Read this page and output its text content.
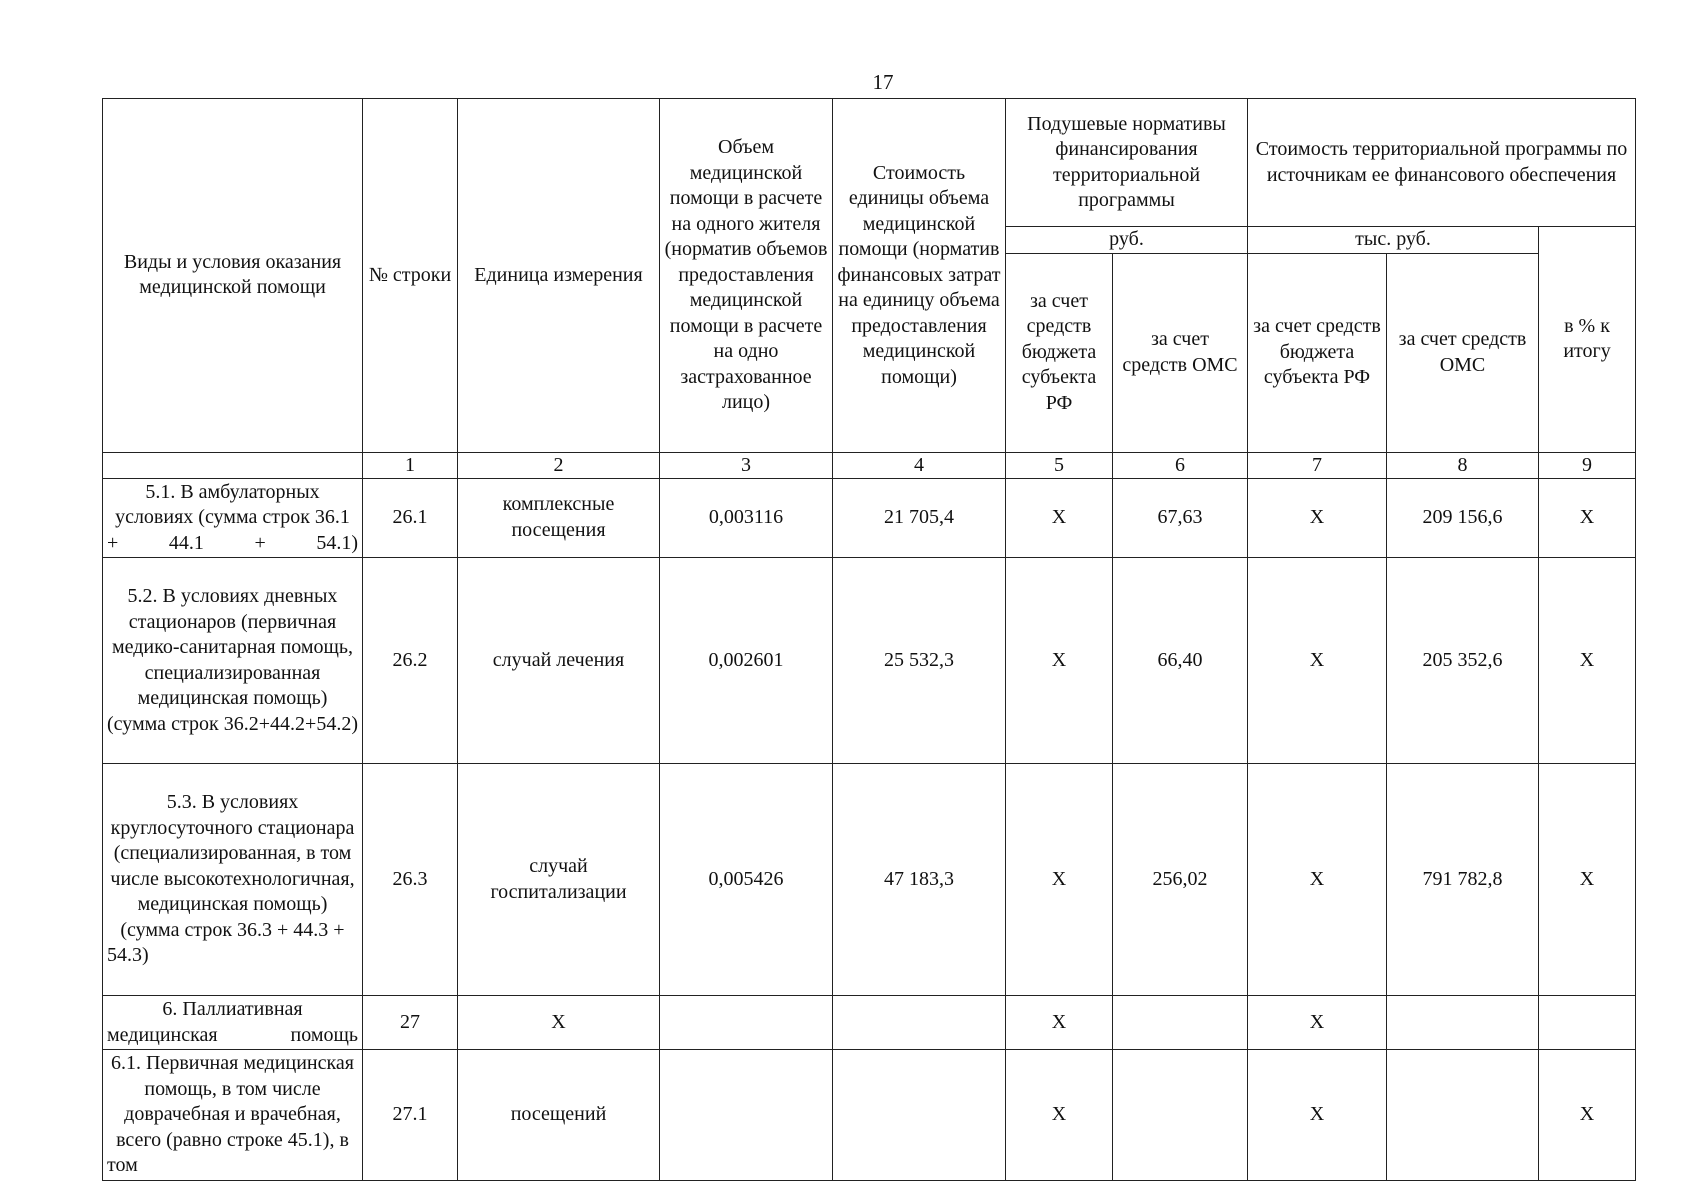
17
Виды и условия оказания медицинской помощи	№ строки	Единица измерения	Объем медицинской помощи в расчете на одного жителя (норматив объемов предоставления медицинской помощи в расчете на одно застрахованное лицо)	Стоимость единицы объема медицинской помощи (норматив финансовых затрат на единицу объема предоставления медицинской помощи)	Подушевые нормативы финансирования территориальной программы		Стоимость территориальной программы по источникам ее финансового обеспечения		
					руб.		тыс. руб.		в % к итогу
					за счет средств бюджета субъекта РФ	за счет средств ОМС	за счет средств бюджета субъекта РФ	за счет средств ОМС	
	1	2	3	4	5	6	7	8	9
5.1. В амбулаторных условиях (сумма строк 36.1 + 44.1 + 54.1)	26.1	комплексные посещения	0,003116	21 705,4	X	67,63	X	209 156,6	X
5.2. В условиях дневных стационаров (первичная медико-санитарная помощь, специализированная медицинская помощь) (сумма строк 36.2+44.2+54.2)	26.2	случай лечения	0,002601	25 532,3	X	66,40	X	205 352,6	X
5.3. В условиях круглосуточного стационара (специализированная, в том числе высокотехнологичная, медицинская помощь) (сумма строк 36.3 + 44.3 + 54.3)	26.3	случай госпитализации	0,005426	47 183,3	X	256,02	X	791 782,8	X
6. Паллиативная медицинская помощь	27	X			X		X		
6.1. Первичная медицинская помощь, в том числе доврачебная и врачебная, всего (равно строке 45.1), в том	27.1	посещений			X		X		X
